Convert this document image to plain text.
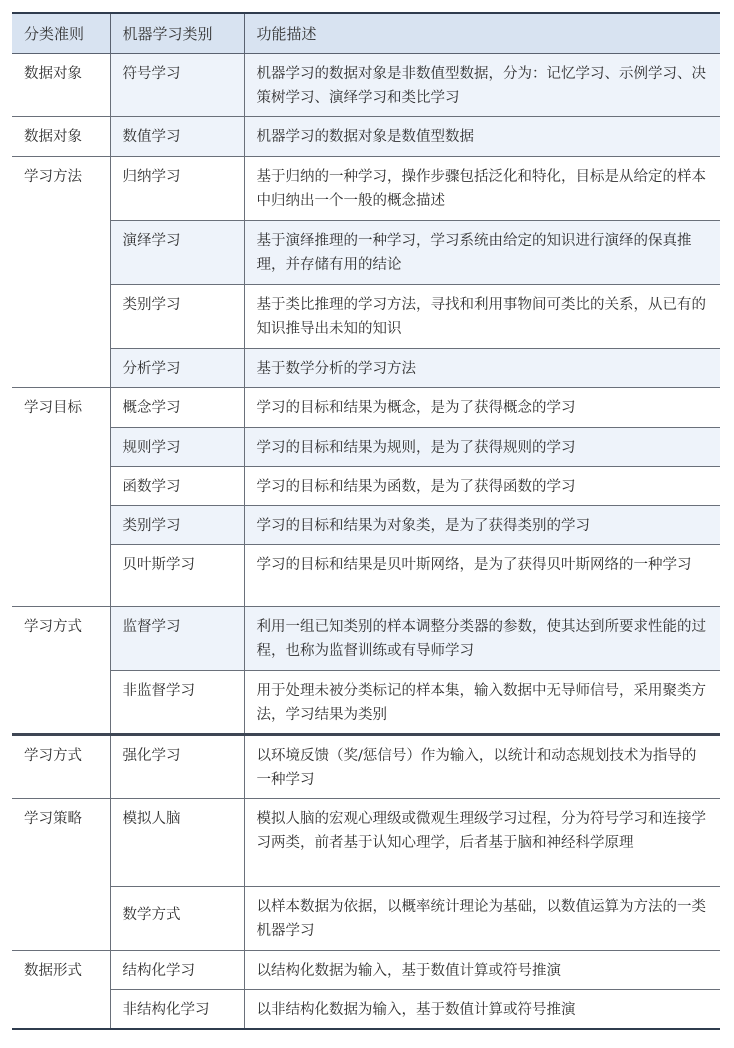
分类准则	机器学习类别	功能描述
数据对象	符号学习	机器学习的数据对象是非数值型数据，分为：记忆学习、示例学习、决策树学习、演绎学习和类比学习
数据对象	数值学习	机器学习的数据对象是数值型数据
学习方法	归纳学习	基于归纳的一种学习，操作步骤包括泛化和特化，目标是从给定的样本中归纳出一个一般的概念描述
	演绎学习	基于演绎推理的一种学习，学习系统由给定的知识进行演绎的保真推理，并存储有用的结论
	类别学习	基于类比推理的学习方法，寻找和利用事物间可类比的关系，从已有的知识推导出未知的知识
	分析学习	基于数学分析的学习方法
学习目标	概念学习	学习的目标和结果为概念，是为了获得概念的学习
	规则学习	学习的目标和结果为规则，是为了获得规则的学习
	函数学习	学习的目标和结果为函数，是为了获得函数的学习
	类别学习	学习的目标和结果为对象类，是为了获得类别的学习
	贝叶斯学习	学习的目标和结果是贝叶斯网络，是为了获得贝叶斯网络的一种学习
学习方式	监督学习	利用一组已知类别的样本调整分类器的参数，使其达到所要求性能的过程，也称为监督训练或有导师学习
	非监督学习	用于处理未被分类标记的样本集，输入数据中无导师信号，采用聚类方法，学习结果为类别
学习方式	强化学习	以环境反馈（奖/惩信号）作为输入，以统计和动态规划技术为指导的一种学习
学习策略	模拟人脑	模拟人脑的宏观心理级或微观生理级学习过程，分为符号学习和连接学习两类，前者基于认知心理学，后者基于脑和神经科学原理
	数学方式	以样本数据为依据，以概率统计理论为基础，以数值运算为方法的一类机器学习
数据形式	结构化学习	以结构化数据为输入，基于数值计算或符号推演
	非结构化学习	以非结构化数据为输入，基于数值计算或符号推演
